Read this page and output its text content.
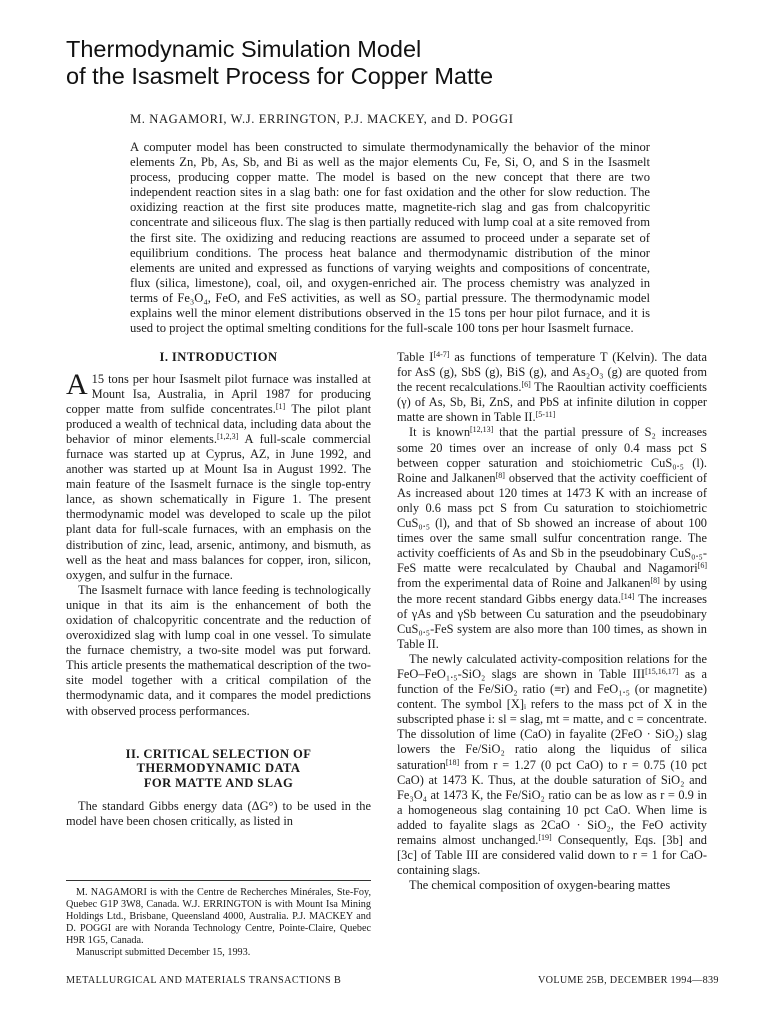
Thermodynamic Simulation Model
of the Isasmelt Process for Copper Matte
M. NAGAMORI, W.J. ERRINGTON, P.J. MACKEY, and D. POGGI
A computer model has been constructed to simulate thermodynamically the behavior of the minor elements Zn, Pb, As, Sb, and Bi as well as the major elements Cu, Fe, Si, O, and S in the Isasmelt process, producing copper matte. The model is based on the new concept that there are two independent reaction sites in a slag bath: one for fast oxidation and the other for slow reduction. The oxidizing reaction at the first site produces matte, magnetite-rich slag and gas from chalcopyritic concentrate and siliceous flux. The slag is then partially reduced with lump coal at a site removed from the first site. The oxidizing and reducing reactions are assumed to proceed under a separate set of equilibrium conditions. The process heat balance and thermodynamic distribution of the minor elements are united and expressed as functions of varying weights and compositions of concentrate, flux (silica, limestone), coal, oil, and oxygen-enriched air. The process chemistry was analyzed in terms of Fe₃O₄, FeO, and FeS activities, as well as SO₂ partial pressure. The thermodynamic model explains well the minor element distributions observed in the 15 tons per hour pilot furnace, and it is used to project the optimal smelting conditions for the full-scale 100 tons per hour Isasmelt furnace.
I. INTRODUCTION

A 15 tons per hour Isasmelt pilot furnace was installed at Mount Isa, Australia, in April 1987 for producing copper matte from sulfide concentrates.[1] The pilot plant produced a wealth of technical data, including data about the behavior of minor elements.[1,2,3] A full-scale commercial furnace was started up at Cyprus, AZ, in June 1992, and another was started up at Mount Isa in August 1992. The main feature of the Isasmelt furnace is the single top-entry lance, as shown schematically in Figure 1. The present thermodynamic model was developed to scale up the pilot plant data for full-scale furnaces, with an emphasis on the distribution of zinc, lead, arsenic, antimony, and bismuth, as well as the heat and mass balances for copper, iron, silicon, oxygen, and sulfur in the furnace.

The Isasmelt furnace with lance feeding is technologically unique in that its aim is the enhancement of both the oxidation of chalcopyritic concentrate and the reduction of overoxidized slag with lump coal in one vessel. To simulate the furnace chemistry, a two-site model was put forward. This article presents the mathematical description of the two-site model together with a critical compilation of the thermodynamic data, and it compares the model predictions with observed process performances.

II. CRITICAL SELECTION OF
THERMODYNAMIC DATA
FOR MATTE AND SLAG

The standard Gibbs energy data (ΔG°) to be used in the model have been chosen critically, as listed in

Table I[4-7] as functions of temperature T (Kelvin). The data for AsS (g), SbS (g), BiS (g), and As₂O₃ (g) are quoted from the recent recalculations.[6] The Raoultian activity coefficients (γ) of As, Sb, Bi, ZnS, and PbS at infinite dilution in copper matte are shown in Table II.[5-11]

It is known[12,13] that the partial pressure of S₂ increases some 20 times over an increase of only 0.4 mass pct S between copper saturation and stoichiometric CuS₀.₅ (l). Roine and Jalkanen[8] observed that the activity coefficient of As increased about 120 times at 1473 K with an increase of only 0.6 mass pct S from Cu saturation to stoichiometric CuS₀.₅ (l), and that of Sb showed an increase of about 100 times over the same small sulfur concentration range. The activity coefficients of As and Sb in the pseudobinary CuS₀.₅-FeS matte were recalculated by Chaubal and Nagamori[6] from the experimental data of Roine and Jalkanen[8] by using the more recent standard Gibbs energy data.[14] The increases of γAs and γSb between Cu saturation and the pseudobinary CuS₀.₅-FeS system are also more than 100 times, as shown in Table II.

The newly calculated activity-composition relations for the FeO–FeO₁.₅-SiO₂ slags are shown in Table III[15,16,17] as a function of the Fe/SiO₂ ratio (≡r) and FeO₁.₅ (or magnetite) content. The symbol [X]ᵢ refers to the mass pct of X in the subscripted phase i: sl = slag, mt = matte, and c = concentrate. The dissolution of lime (CaO) in fayalite (2FeO · SiO₂) slag lowers the Fe/SiO₂ ratio along the liquidus of silica saturation[18] from r = 1.27 (0 pct CaO) to r = 0.75 (10 pct CaO) at 1473 K. Thus, at the double saturation of SiO₂ and Fe₃O₄ at 1473 K, the Fe/SiO₂ ratio can be as low as r = 0.9 in a homogeneous slag containing 10 pct CaO. When lime is added to fayalite slags as 2CaO · SiO₂, the FeO activity remains almost unchanged.[19] Consequently, Eqs. [3b] and [3c] of Table III are considered valid down to r = 1 for CaO-containing slags.

The chemical composition of oxygen-bearing mattes

M. NAGAMORI is with the Centre de Recherches Minérales, Ste-Foy, Quebec G1P 3W8, Canada. W.J. ERRINGTON is with Mount Isa Mining Holdings Ltd., Brisbane, Queensland 4000, Australia. P.J. MACKEY and D. POGGI are with Noranda Technology Centre, Pointe-Claire, Quebec H9R 1G5, Canada.
Manuscript submitted December 15, 1993.
METALLURGICAL AND MATERIALS TRANSACTIONS B	VOLUME 25B, DECEMBER 1994—839
